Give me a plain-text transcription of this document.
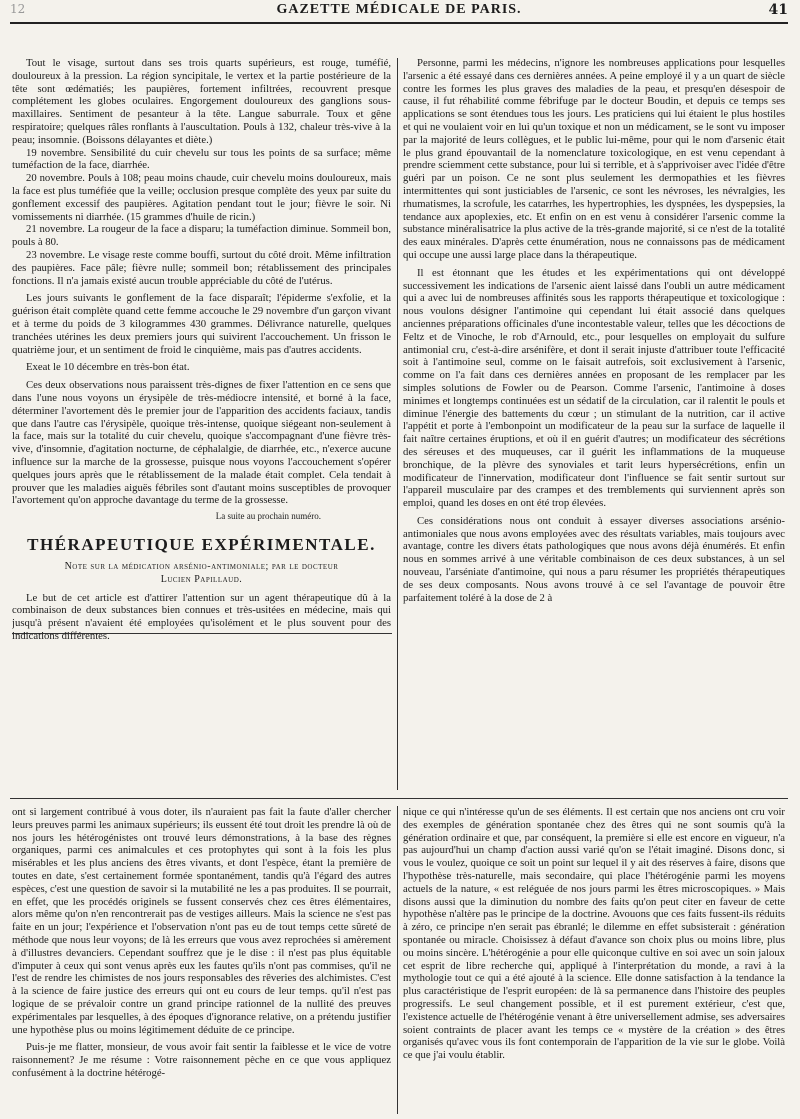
12	GAZETTE MÉDICALE DE PARIS.	41

Tout le visage, surtout dans ses trois quarts supérieurs, est rouge, tuméfié, douloureux à la pression. La région syncipitale, le vertex et la partie postérieure de la tête sont œdématiés; les paupières, fortement infiltrées, recouvrent presque complétement les globes oculaires. Engorgement douloureux des ganglions sous-maxillaires. Sentiment de pesanteur à la tête. Langue saburrale. Toux et gêne respiratoire; quelques râles ronflants à l'auscultation. Pouls à 132, chaleur très-vive à la peau; insomnie. (Boissons délayantes et diète.)

19 novembre. Sensibilité du cuir chevelu sur tous les points de sa surface; même tuméfaction de la face, diarrhée.

20 novembre. Pouls à 108; peau moins chaude, cuir chevelu moins douloureux, mais la face est plus tuméfiée que la veille; occlusion presque complète des yeux par suite du gonflement excessif des paupières. Agitation pendant tout le jour; fièvre le soir. Ni vomissements ni diarrhée. (15 grammes d'huile de ricin.)

21 novembre. La rougeur de la face a disparu; la tuméfaction diminue. Sommeil bon, pouls à 80.

23 novembre. Le visage reste comme bouffi, surtout du côté droit. Même infiltration des paupières. Face pâle; fièvre nulle; sommeil bon; rétablissement des principales fonctions. Il n'a jamais existé aucun trouble appréciable du côté de l'utérus.

Les jours suivants le gonflement de la face disparaît; l'épiderme s'exfolie, et la guérison était complète quand cette femme accouche le 29 novembre d'un garçon vivant et à terme du poids de 3 kilogrammes 430 grammes. Délivrance naturelle, quelques tranchées utérines les deux premiers jours qui suivirent l'accouchement. Un frisson le quatrième jour, et un sentiment de froid le cinquième, mais pas d'autres accidents.

Exeat le 10 décembre en très-bon état.

Ces deux observations nous paraissent très-dignes de fixer l'attention en ce sens que dans l'une nous voyons un érysipèle de très-médiocre intensité, et borné à la face, déterminer l'avortement dès le premier jour de l'apparition des accidents faciaux, tandis que dans l'autre cas l'érysipèle, quoique très-intense, quoique siégeant non-seulement à la face, mais sur la totalité du cuir chevelu, quoique s'accompagnant d'une fièvre très-vive, d'insomnie, d'agitation nocturne, de céphalalgie, de diarrhée, etc., n'exerce aucune influence sur la marche de la grossesse, puisque nous voyons l'accouchement s'opérer quelques jours après que le rétablissement de la malade était complet. Cela tendait à prouver que les maladies aiguës fébriles sont d'autant moins susceptibles de provoquer l'avortement qu'on approche davantage du terme de la grossesse.

La suite au prochain numéro.
THÉRAPEUTIQUE EXPÉRIMENTALE.
Note sur la médication arsénio-antimoniale; par le docteur
Lucien Papillaud.

Le but de cet article est d'attirer l'attention sur un agent thérapeutique dû à la combinaison de deux substances bien connues et très-usitées en médecine, mais qui jusqu'à présent n'avaient été employées qu'isolément et le plus souvent pour des indications différentes.

Personne, parmi les médecins, n'ignore les nombreuses applications pour lesquelles l'arsenic a été essayé dans ces dernières années. A peine employé il y a un quart de siècle contre les formes les plus graves des maladies de la peau, et presqu'en désespoir de cause, il fut réhabilité comme fébrifuge par le docteur Boudin, et depuis ce temps ses applications se sont étendues tous les jours. Les praticiens qui lui étaient le plus hostiles et qui ne voulaient voir en lui qu'un toxique et non un médicament, se le sont vu imposer par la majorité de leurs collègues, et le public lui-même, pour qui le nom d'arsenic était le plus grand épouvantail de la nomenclature toxicologique, en est venu cependant à prendre sciemment cette substance, pour lui si terrible, et à s'apprivoiser avec l'idée d'être guéri par un poison. Ce ne sont plus seulement les dermopathies et les fièvres intermittentes qui sont justiciables de l'arsenic, ce sont les névroses, les névralgies, les rhumatismes, la scrofule, les catarrhes, les hypertrophies, les dyspnées, les dyspepsies, la tendance aux apoplexies, etc. Et enfin on en est venu à considérer l'arsenic comme la substance minéralisatrice la plus active de la très-grande majorité, si ce n'est de la totalité des eaux minérales. D'après cette énumération, nous ne connaissons pas de médicament qui occupe une aussi large place dans la thérapeutique.

Il est étonnant que les études et les expérimentations qui ont développé successivement les indications de l'arsenic aient laissé dans l'oubli un autre médicament qui a avec lui de nombreuses affinités sous les rapports thérapeutique et toxicologique : nous voulons désigner l'antimoine qui cependant lui était associé dans quelques anciennes préparations officinales d'une incontestable valeur, telles que les décoctions de Feltz et de Vinoche, le rob d'Arnould, etc., pour lesquelles on employait du sulfure antimonial cru, c'est-à-dire arsénifère, et dont il serait injuste d'attribuer toute l'efficacité soit à l'antimoine seul, comme on le faisait autrefois, soit exclusivement à l'arsenic, comme on l'a fait dans ces dernières années en proposant de les remplacer par les simples solutions de Fowler ou de Pearson. Comme l'arsenic, l'antimoine à doses minimes et longtemps continuées est un sédatif de la circulation, car il ralentit le pouls et diminue l'énergie des battements du cœur ; un stimulant de la nutrition, car il active l'appétit et porte à l'embonpoint un modificateur de la peau sur la surface de laquelle il fait naître certaines éruptions, et où il en guérit d'autres; un modificateur des sécrétions des séreuses et des muqueuses, car il guérit les inflammations de la muqueuse bronchique, de la plèvre des synoviales et tarit leurs hypersécrétions, enfin un modificateur de l'innervation, modificateur dont l'influence se fait sentir surtout sur l'appareil musculaire par des crampes et des tremblements qui surviennent après son emploi, quand les doses en ont été trop élevées.

Ces considérations nous ont conduit à essayer diverses associations arsénio-antimoniales que nous avons employées avec des résultats variables, mais toujours avec avantage, contre les divers états pathologiques que nous avons déjà énumérés. Et enfin nous en sommes arrivé à une véritable combinaison de ces deux substances, à un sel nouveau, l'arséniate d'antimoine, qui nous a paru résumer les propriétés thérapeutiques de ses deux composants. Nous avons trouvé à ce sel l'avantage de pouvoir être parfaitement toléré à la dose de 2 à

ont si largement contribué à vous doter, ils n'auraient pas fait la faute d'aller chercher leurs preuves parmi les animaux supérieurs; ils eussent été tout droit les prendre là où de nos jours les hétérogénistes ont trouvé leurs démonstrations, à la base des règnes organiques, parmi ces animalcules et ces protophytes qui sont à la fois les plus misérables et les plus anciens des êtres vivants, et dont l'espèce, étant la première de toutes en date, s'est certainement formée spontanément, tandis qu'à l'égard des autres espèces, c'est une question de savoir si la mutabilité ne les a pas produites. Il se pourrait, en effet, que les procédés originels se fussent conservés chez ces êtres élémentaires, alors même qu'on n'en rencontrerait pas de vestiges ailleurs. Mais la science ne s'est pas faite en un jour; l'expérience et l'observation n'ont pas eu de tout temps cette sûreté de méthode que nous leur voyons; de là les erreurs que vous avez reprochées si amèrement à d'illustres devanciers. Cependant souffrez que je le dise : il n'est pas plus équitable d'imputer à ceux qui sont venus après eux les fautes qu'ils n'ont pas commises, qu'il ne l'est de rendre les chimistes de nos jours responsables des rêveries des alchimistes. C'est à la science de faire justice des erreurs qui ont eu cours de leur temps. qu'il n'est pas logique de se prévaloir contre un grand principe rationnel de la nullité des preuves expérimentales par lesquelles, à des époques d'ignorance relative, on a prétendu justifier une hypothèse plus ou moins légitimement déduite de ce principe.

Puis-je me flatter, monsieur, de vous avoir fait sentir la faiblesse et le vice de votre raisonnement? Je me résume : Votre raisonnement pèche en ce que vous appliquez confusément à la doctrine hétérogé-

nique ce qui n'intéresse qu'un de ses éléments. Il est certain que nos anciens ont cru voir des exemples de génération spontanée chez des êtres qui ne sont soumis qu'à la génération ordinaire et que, par conséquent, la première si elle est encore en vigueur, n'a pas aujourd'hui un champ d'action aussi varié qu'on se l'était imaginé. Disons donc, si vous le voulez, quoique ce soit un point sur lequel il y ait des réserves à faire, disons que l'hypothèse très-naturelle, mais secondaire, qui place l'hétérogénie parmi les moyens actuels de la nature, « est reléguée de nos jours parmi les êtres microscopiques. » Mais disons aussi que la diminution du nombre des faits qu'on peut citer en faveur de cette hypothèse n'altère pas le principe de la doctrine. Avouons que ces faits fussent-ils réduits à zéro, ce principe n'en serait pas ébranlé; le dilemme en effet subsisterait : génération spontanée ou miracle. Choisissez à défaut d'avance son choix plus ou moins libre, plus ou moins sincère. L'hétérogénie a pour elle quiconque cultive en soi avec un soin jaloux cet esprit de libre recherche qui, appliqué à l'interprétation du monde, a ravi à la mythologie tout ce qui a été ajouté à la science. Elle donne satisfaction à la tendance la plus caractéristique de l'esprit européen: de là sa permanence dans l'histoire des peuples progressifs. Le seul changement possible, et il est purement extérieur, c'est que, l'existence actuelle de l'hétérogénie venant à être universellement admise, ses adversaires soient contraints de placer avant les temps ce « mystère de la création » des êtres organisés qu'avec vous ils font contemporain de l'apparition de la vie sur le globe. Voilà ce que j'ai voulu établir.
